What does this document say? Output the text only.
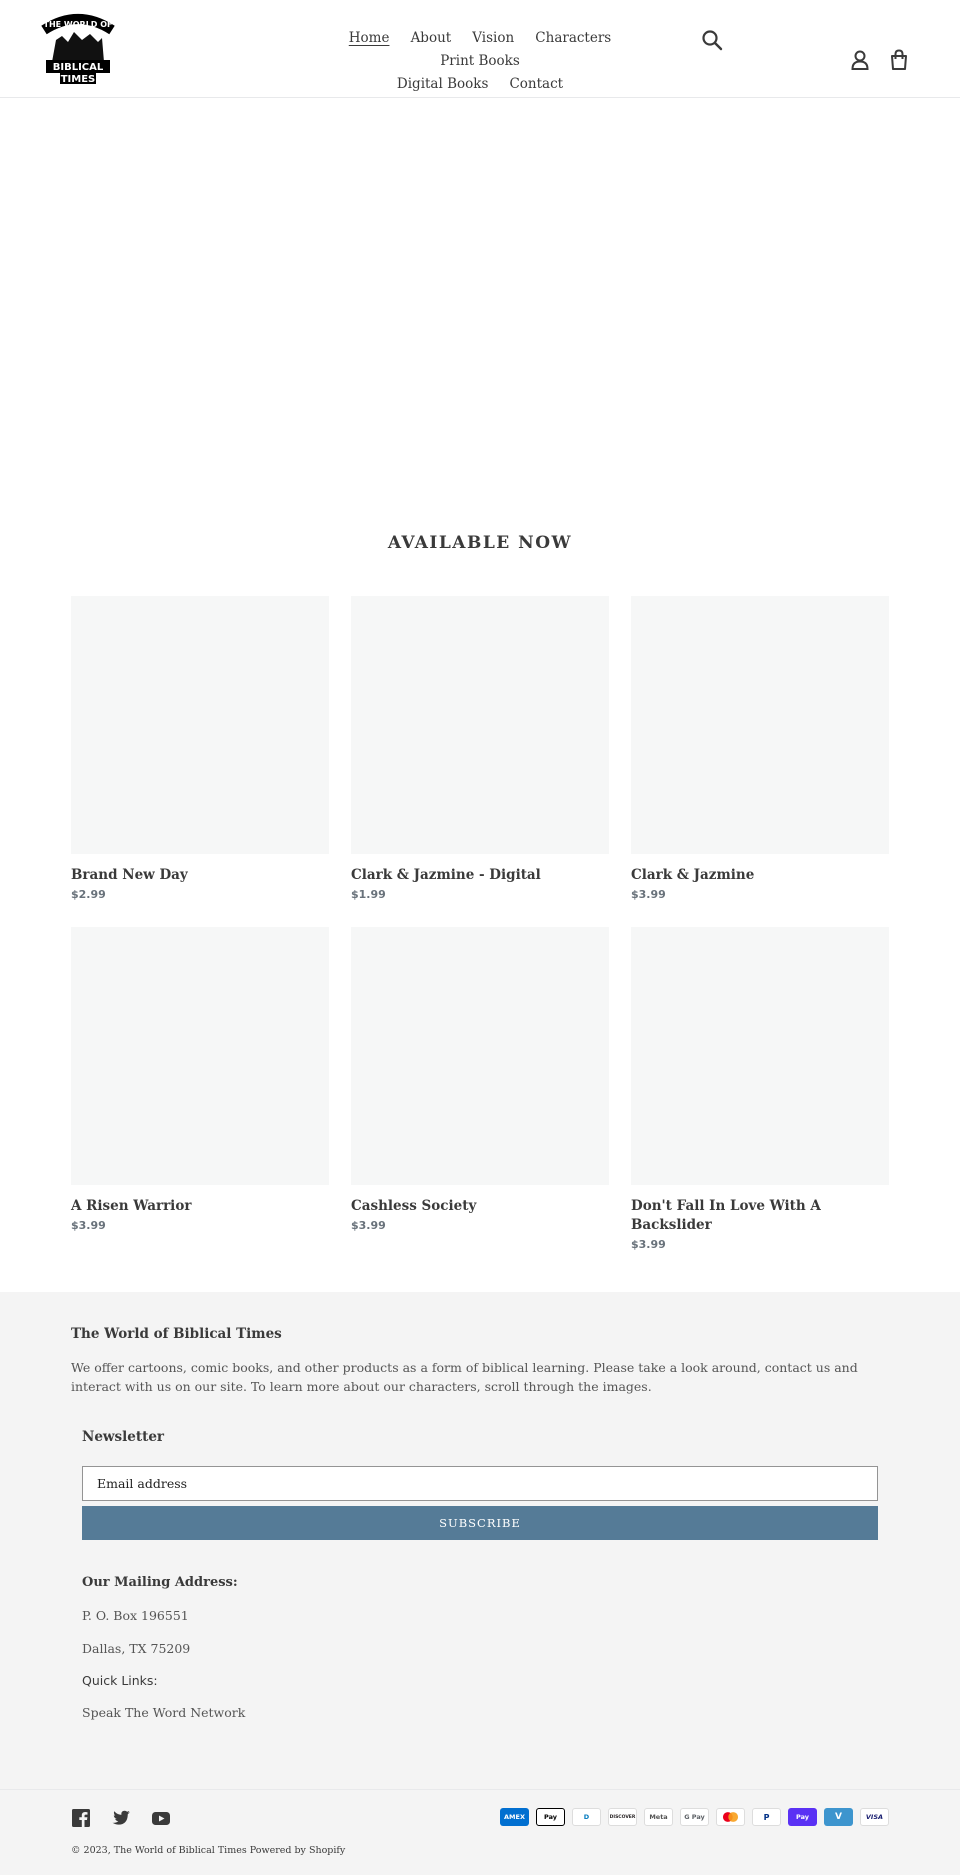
THE WORLD OF
BIBLICAL
TIMES
Home About Vision Characters Print Books
Digital Books Contact
AVAILABLE NOW
Brand New Day
$2.99
Clark & Jazmine - Digital
$1.99
Clark & Jazmine
$3.99
A Risen Warrior
$3.99
Cashless Society
$3.99
Don't Fall In Love With A Backslider
$3.99
The World of Biblical Times

We offer cartoons, comic books, and other products as a form of biblical learning. Please take a look around, contact us and interact with us on our site. To learn more about our characters, scroll through the images.

Newsletter
Email address
SUBSCRIBE
Our Mailing Address:
P. O. Box 196551
Dallas, TX 75209
Quick Links:
Speak The Word Network
© 2023, The World of Biblical Times Powered by Shopify
AMEX	Pay	D	DISCOVER	Meta	G Pay	P	Pay	V	VISA
